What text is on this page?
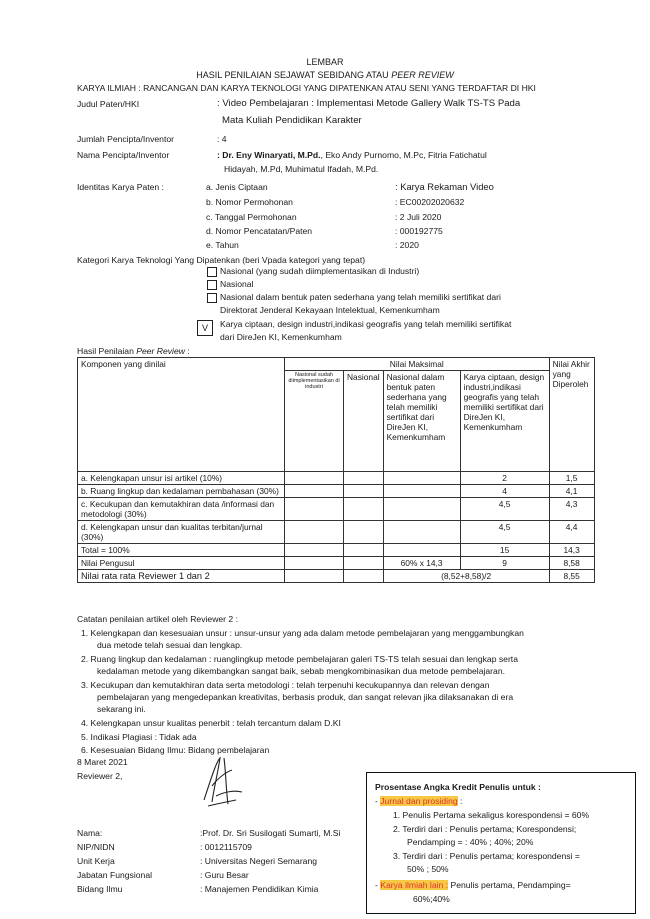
LEMBAR
HASIL PENILAIAN SEJAWAT SEBIDANG ATAU PEER REVIEW
KARYA ILMIAH : RANCANGAN DAN KARYA TEKNOLOGI YANG DIPATENKAN ATAU SENI YANG TERDAFTAR DI HKI
Judul Paten/HKI	: Video Pembelajaran : Implementasi Metode Gallery Walk TS-TS Pada
Mata Kuliah Pendidikan Karakter
Jumlah Pencipta/Inventor	: 4
Nama Pencipta/Inventor	: Dr. Eny Winaryati, M.Pd., Eko Andy Purnomo, M.Pc, Fitria Fatichatul
Hidayah, M.Pd, Muhimatul Ifadah, M.Pd.
Identitas Karya Paten :	a. Jenis Ciptaan	: Karya Rekaman Video
b. Nomor Permohonan	: EC00202020632
c. Tanggal Permohonan	: 2 Juli 2020
d. Nomor Pencatatan/Paten	: 000192775
e. Tahun	: 2020
Kategori Karya Teknologi Yang Dipatenkan (beri Vpada kategori yang tepat)
Nasional (yang sudah diimplementasikan di Industri)
Nasional
Nasional dalam bentuk paten sederhana yang telah memiliki sertifikat dari
Direktorat Jenderal Kekayaan Intelektual, Kemenkumham
V	Karya ciptaan, design industri,indikasi geografis yang telah memiliki sertifikat
dari DireJen KI, Kemenkumham
Hasil Penilaian Peer Review :
Komponen yang dinilai	Nilai Maksimal				Nilai Akhir yang Diperoleh

	Nasional sudah diimplementasikan di industri	Nasional	Nasional dalam bentuk paten sederhana yang telah memiliki sertifikat dari DireJen KI, Kemenkumham	Karya ciptaan, design industri,indikasi geografis yang telah memiliki sertifikat dari DireJen KI, Kemenkumham	
a. Kelengkapan unsur isi artikel (10%)				2	1,5
b. Ruang lingkup dan kedalaman pembahasan (30%)				4	4,1
c. Kecukupan dan kemutakhiran data /informasi dan metodologi (30%)				4,5	4,3
d. Kelengkapan unsur dan kualitas terbitan/jurnal (30%)				4,5	4,4
Total = 100%				15	14,3
Nilai Pengusul			60% x 14,3	9	8,58
Nilai rata rata Reviewer 1 dan 2			(8,52+8,58)/2		8,55
Catatan penilaian artikel oleh Reviewer 2 :
1. Kelengkapan dan kesesuaian unsur : unsur-unsur yang ada dalam metode pembelajaran yang menggambungkan
dua metode telah sesuai dan lengkap.
2. Ruang lingkup dan kedalaman : ruanglingkup metode pembelajaran galeri TS-TS telah sesuai dan lengkap serta
kedalaman metode yang dikembangkan sangat baik, sebab mengkombinasikan dua metode pembelajaran.
3. Kecukupan dan kemutakhiran data serta metodologi : telah terpenuhi kecukupannya dan relevan dengan
pembelajaran yang mengedepankan kreativitas, berbasis produk, dan sangat relevan jika dilaksanakan di era
sekarang ini.
4. Kelengkapan unsur kualitas penerbit : telah tercantum dalam D.KI
5. Indikasi Plagiasi : Tidak ada
6. Kesesuaian Bidang Ilmu: Bidang pembelajaran
8 Maret 2021
Reviewer 2,
Nama:	:Prof. Dr. Sri Susilogati Sumarti, M.Si
NIP/NIDN	: 0012115709
Unit Kerja	: Universitas Negeri Semarang
Jabatan Fungsional	: Guru Besar
Bidang Ilmu	: Manajemen Pendidikan Kimia
Prosentase Angka Kredit Penulis untuk :
- Jurnal dan prosiding :
1. Penulis Pertama sekaligus korespondensi = 60%
2. Terdiri dari : Penulis pertama; Korespondensi;
Pendamping = : 40% ; 40%; 20%
3. Terdiri dari : Penulis pertama; korespondensi =
50% ; 50%
- Karya ilmiah lain : Penulis pertama, Pendamping=
60%;40%
